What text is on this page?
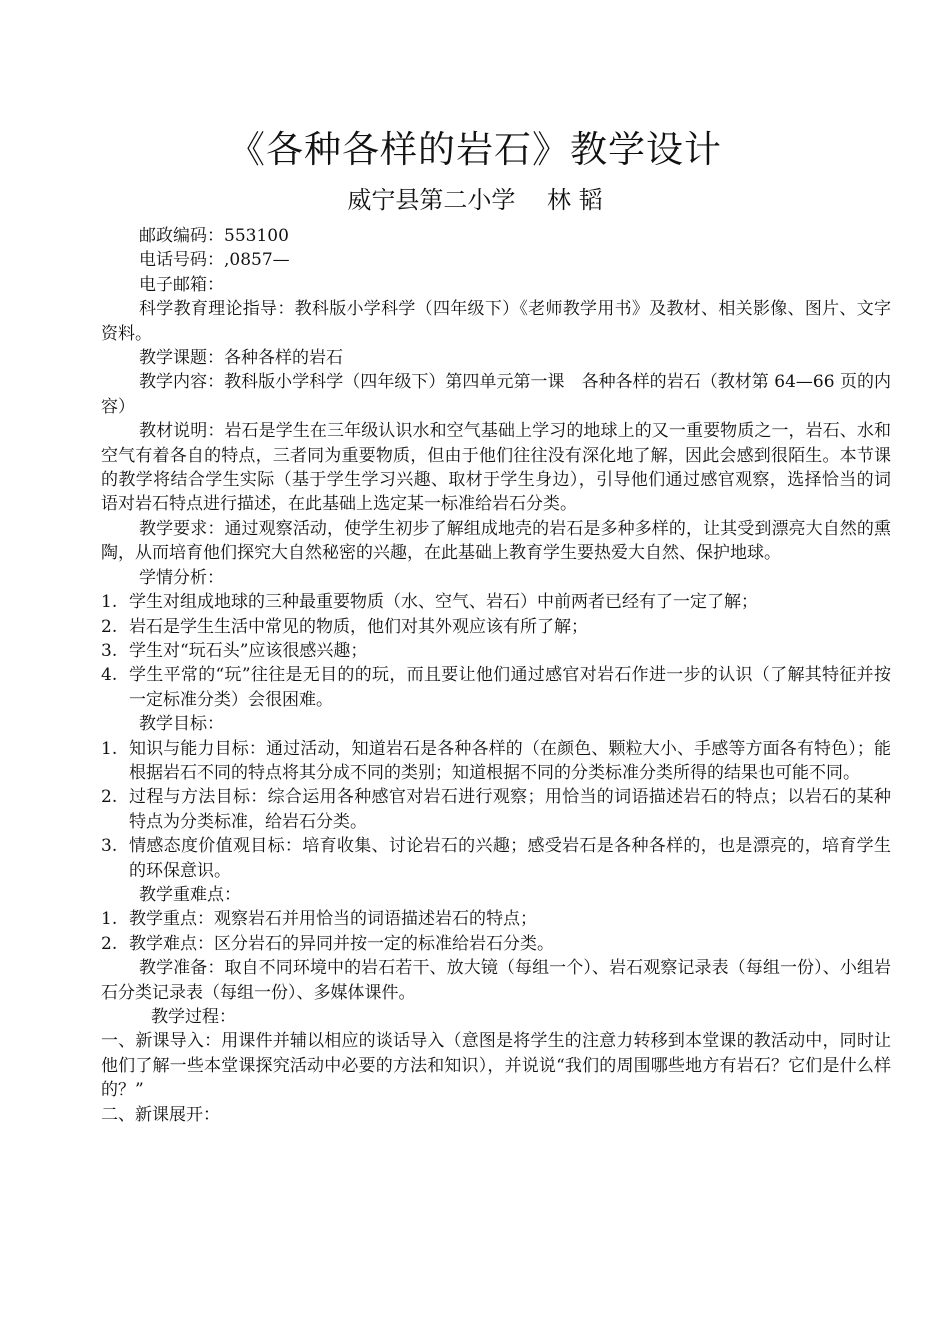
《各种各样的岩石》教学设计
威宁县第二小学　 林 韬

邮政编码：553100

电话号码：,0857—

电子邮箱：

科学教育理论指导：教科版小学科学（四年级下）《老师教学用书》及教材、相关影像、图片、文字资料。

教学课题：各种各样的岩石

教学内容：教科版小学科学（四年级下）第四单元第一课　各种各样的岩石（教材第 64—66 页的内容）

教材说明：岩石是学生在三年级认识水和空气基础上学习的地球上的又一重要物质之一，岩石、水和空气有着各自的特点，三者同为重要物质，但由于他们往往没有深化地了解，因此会感到很陌生。本节课的教学将结合学生实际（基于学生学习兴趣、取材于学生身边），引导他们通过感官观察，选择恰当的词语对岩石特点进行描述，在此基础上选定某一标准给岩石分类。

教学要求：通过观察活动，使学生初步了解组成地壳的岩石是多种多样的，让其受到漂亮大自然的熏陶，从而培育他们探究大自然秘密的兴趣，在此基础上教育学生要热爱大自然、保护地球。

学情分析：

1. 学生对组成地球的三种最重要物质（水、空气、岩石）中前两者已经有了一定了解；
2. 岩石是学生生活中常见的物质，他们对其外观应该有所了解；
3. 学生对“玩石头”应该很感兴趣；
4. 学生平常的“玩”往往是无目的的玩，而且要让他们通过感官对岩石作进一步的认识（了解其特征并按一定标准分类）会很困难。

教学目标：

1. 知识与能力目标：通过活动，知道岩石是各种各样的（在颜色、颗粒大小、手感等方面各有特色）；能根据岩石不同的特点将其分成不同的类别；知道根据不同的分类标准分类所得的结果也可能不同。
2. 过程与方法目标：综合运用各种感官对岩石进行观察；用恰当的词语描述岩石的特点；以岩石的某种特点为分类标准，给岩石分类。
3. 情感态度价值观目标：培育收集、讨论岩石的兴趣；感受岩石是各种各样的，也是漂亮的，培育学生的环保意识。

教学重难点：

1. 教学重点：观察岩石并用恰当的词语描述岩石的特点；
2. 教学难点：区分岩石的异同并按一定的标准给岩石分类。

教学准备：取自不同环境中的岩石若干、放大镜（每组一个）、岩石观察记录表（每组一份）、小组岩石分类记录表（每组一份）、多媒体课件。

教学过程：

一、新课导入：用课件并辅以相应的谈话导入（意图是将学生的注意力转移到本堂课的教活动中，同时让他们了解一些本堂课探究活动中必要的方法和知识），并说说“我们的周围哪些地方有岩石？它们是什么样的？”

二、新课展开：
